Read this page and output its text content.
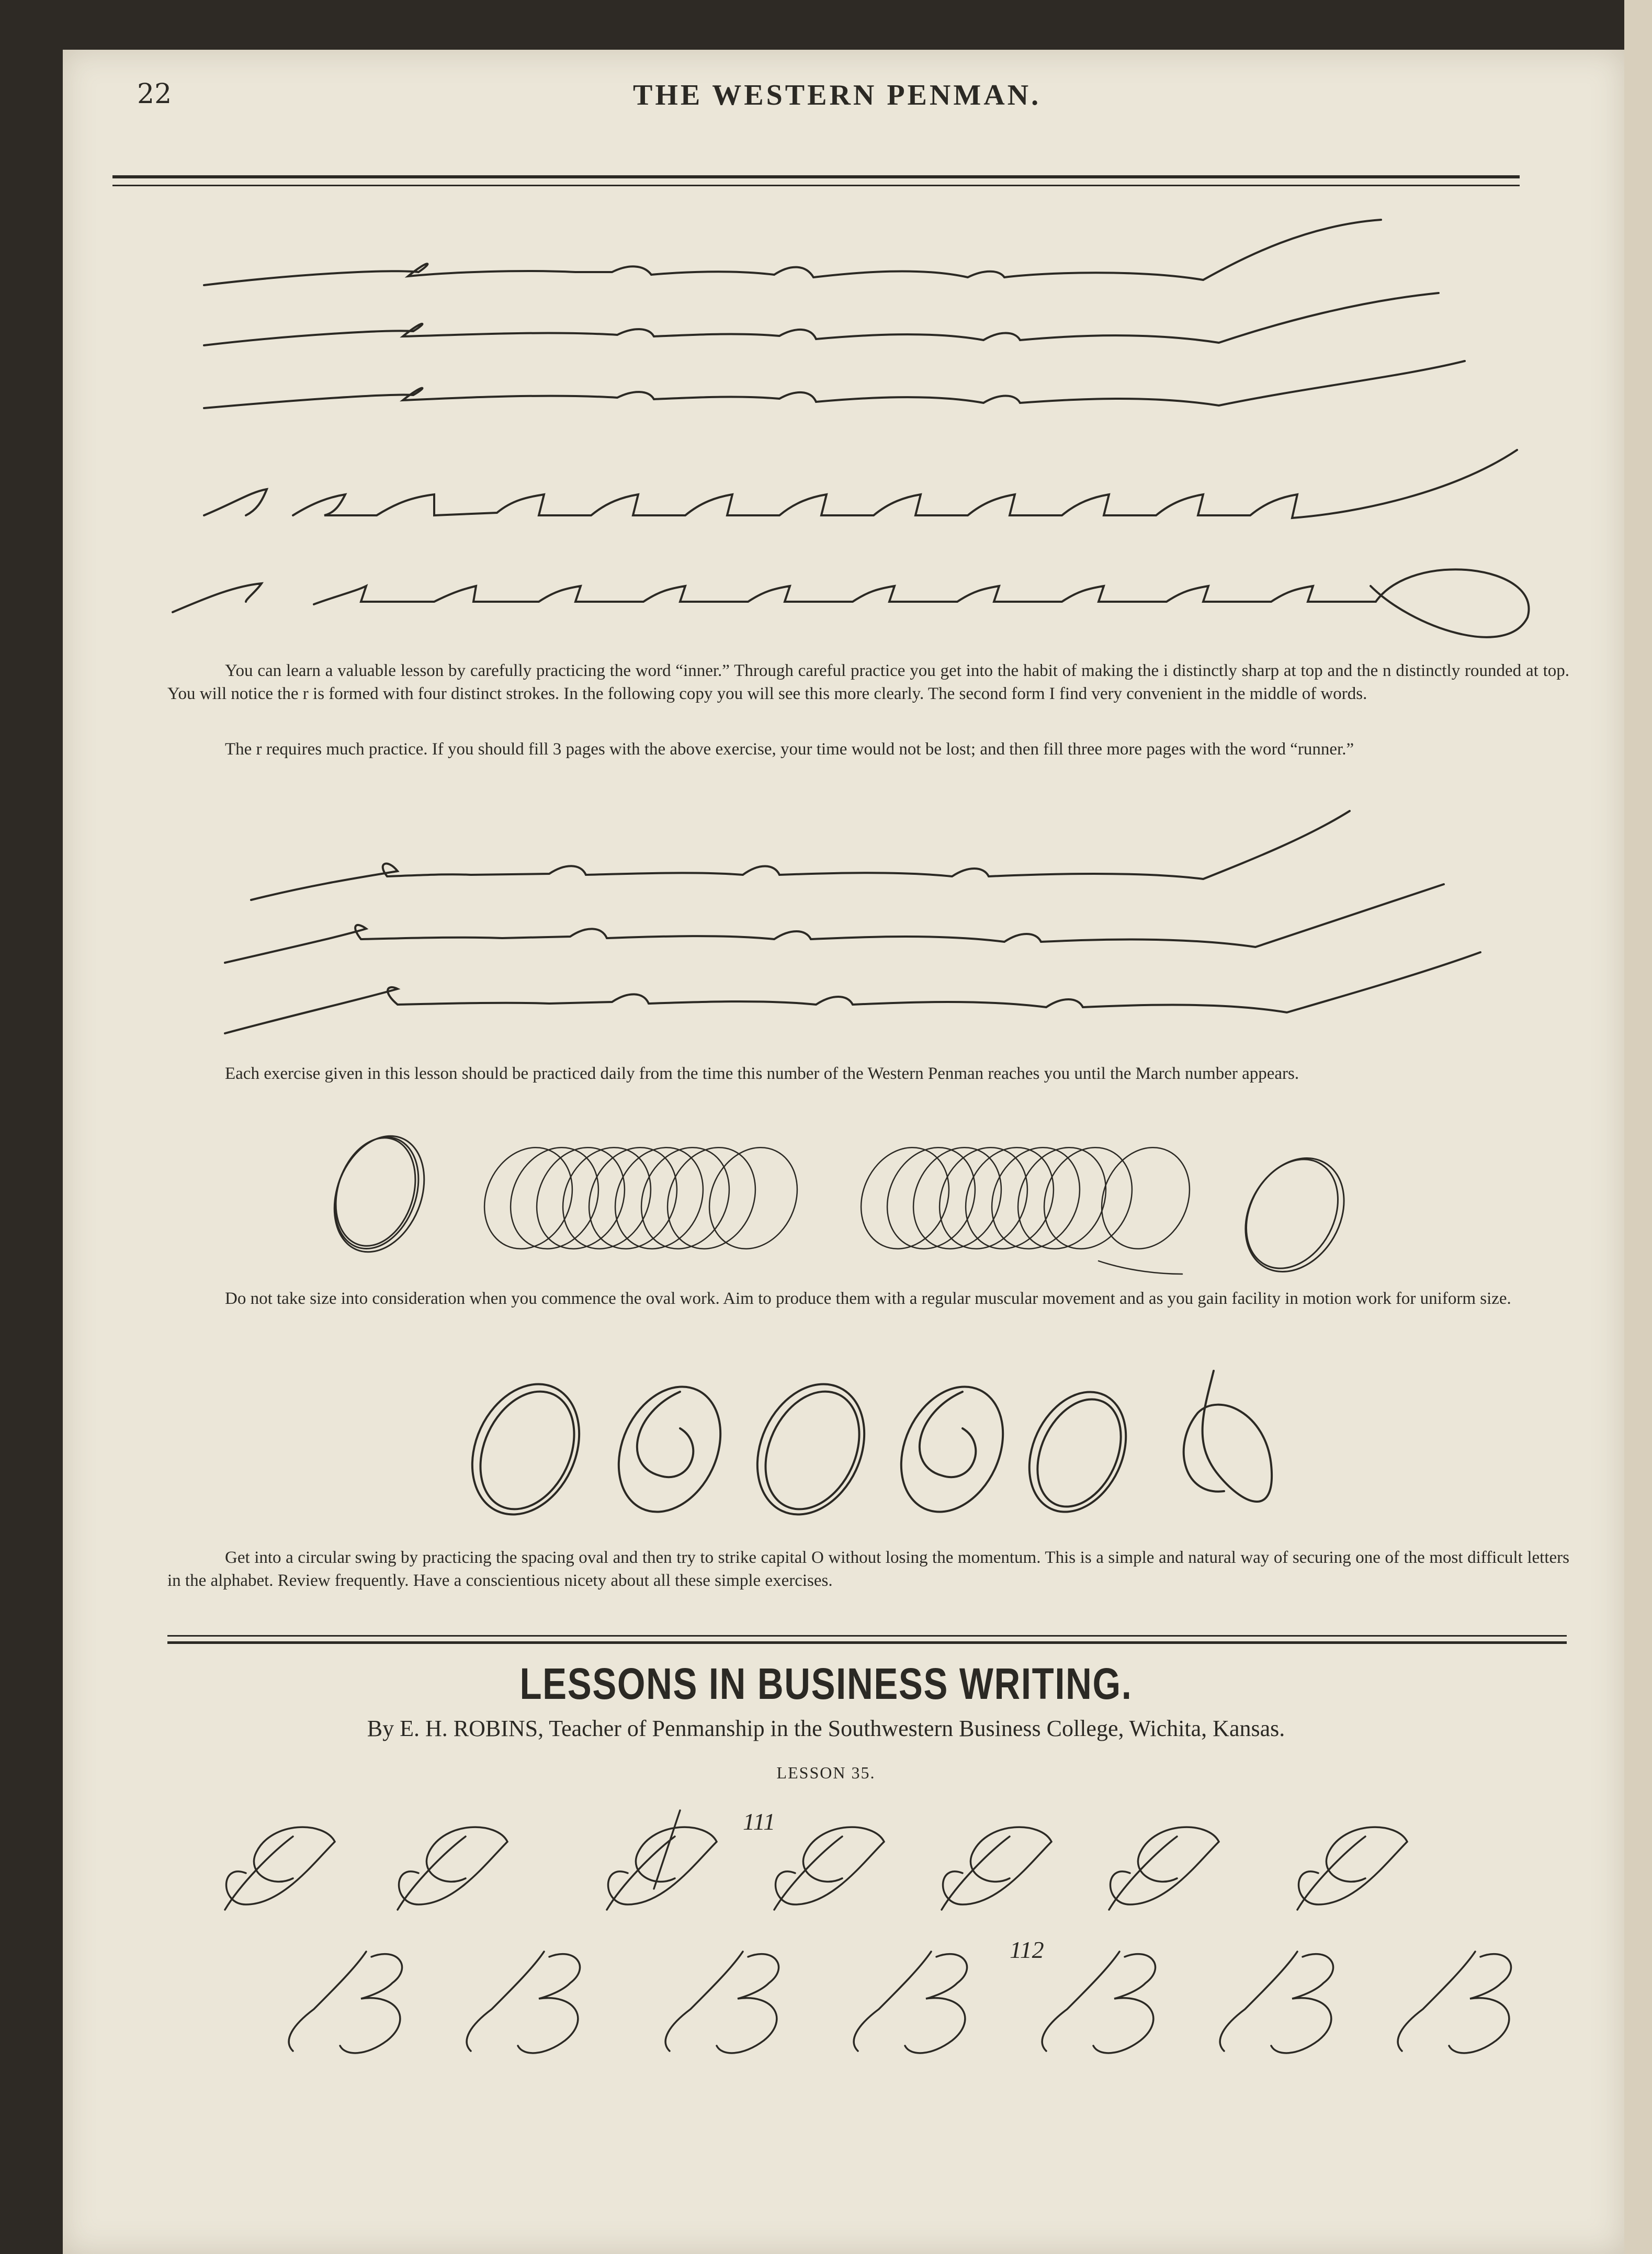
22	THE WESTERN PENMAN.

You can learn a valuable lesson by carefully practicing the word “inner.” Through careful practice you get into the habit of making the i distinctly sharp at top and the n distinctly rounded at top. You will notice the r is formed with four distinct strokes. In the following copy you will see this more clearly. The second form I find very convenient in the middle of words.

The r requires much practice. If you should fill 3 pages with the above exercise, your time would not be lost; and then fill three more pages with the word “runner.”

Each exercise given in this lesson should be practiced daily from the time this number of the Western Penman reaches you until the March number appears.

Do not take size into consideration when you commence the oval work. Aim to produce them with a regular muscular movement and as you gain facility in motion work for uniform size.

Get into a circular swing by practicing the spacing oval and then try to strike capital O without losing the momentum. This is a simple and natural way of securing one of the most difficult letters in the alphabet. Review frequently. Have a conscientious nicety about all these simple exercises.

LESSONS IN BUSINESS WRITING.
By E. H. ROBINS, Teacher of Penmanship in the Southwestern Business College, Wichita, Kansas.
LESSON 35.
111
112
